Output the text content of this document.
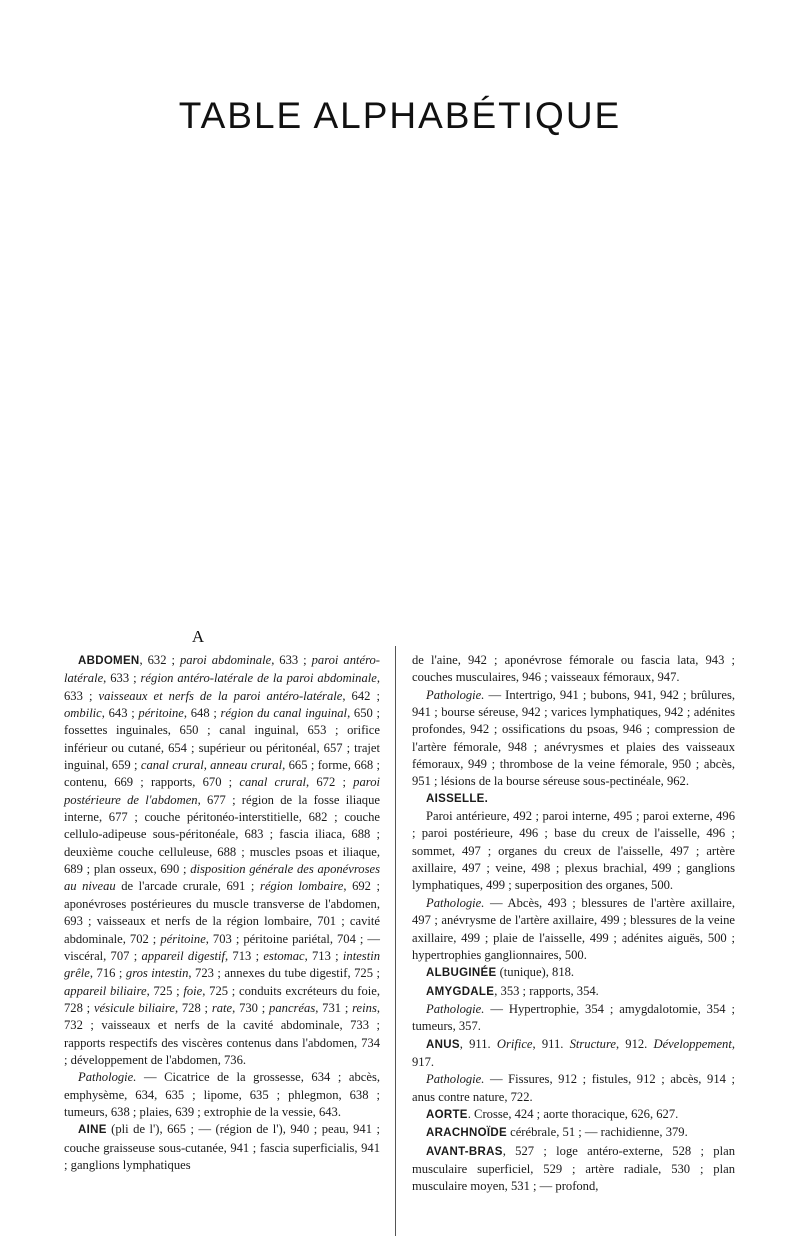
TABLE ALPHABÉTIQUE
A
ABDOMEN, 632 ; paroi abdominale, 633 ; paroi antéro-latérale, 633 ; région antéro-latérale de la paroi abdominale, 633 ; vaisseaux et nerfs de la paroi antéro-latérale, 642 ; ombilic, 643 ; péritoine, 648 ; région du canal inguinal, 650 ; fossettes inguinales, 650 ; canal inguinal, 653 ; orifice inférieur ou cutané, 654 ; supérieur ou péritonéal, 657 ; trajet inguinal, 659 ; canal crural, anneau crural, 665 ; forme, 668 ; contenu, 669 ; rapports, 670 ; canal crural, 672 ; paroi postérieure de l'abdomen, 677 ; région de la fosse iliaque interne, 677 ; couche péritonéo-interstitielle, 682 ; couche cellulo-adipeuse sous-péritonéale, 683 ; fascia iliaca, 688 ; deuxième couche celluleuse, 688 ; muscles psoas et iliaque, 689 ; plan osseux, 690 ; disposition générale des aponévroses au niveau de l'arcade crurale, 691 ; région lombaire, 692 ; aponévroses postérieures du muscle transverse de l'abdomen, 693 ; vaisseaux et nerfs de la région lombaire, 701 ; cavité abdominale, 702 ; péritoine, 703 ; péritoine pariétal, 704 ; — viscéral, 707 ; appareil digestif, 713 ; estomac, 713 ; intestin grêle, 716 ; gros intestin, 723 ; annexes du tube digestif, 725 ; appareil biliaire, 725 ; foie, 725 ; conduits excréteurs du foie, 728 ; vésicule biliaire, 728 ; rate, 730 ; pancréas, 731 ; reins, 732 ; vaisseaux et nerfs de la cavité abdominale, 733 ; rapports respectifs des viscères contenus dans l'abdomen, 734 ; développement de l'abdomen, 736.
Pathologie. — Cicatrice de la grossesse, 634 ; abcès, emphysème, 634, 635 ; lipome, 635 ; phlegmon, 638 ; tumeurs, 638 ; plaies, 639 ; extrophie de la vessie, 643.
AINE (pli de l'), 665 ; — (région de l'), 940 ; peau, 941 ; couche graisseuse sous-cutanée, 941 ; fascia superficialis, 941 ; ganglions lymphatiques
de l'aine, 942 ; aponévrose fémorale ou fascia lata, 943 ; couches musculaires, 946 ; vaisseaux fémoraux, 947.
Pathologie. — Intertrigo, 941 ; bubons, 941, 942 ; brûlures, 941 ; bourse séreuse, 942 ; varices lymphatiques, 942 ; adénites profondes, 942 ; ossifications du psoas, 946 ; compression de l'artère fémorale, 948 ; anévrysmes et plaies des vaisseaux fémoraux, 949 ; thrombose de la veine fémorale, 950 ; abcès, 951 ; lésions de la bourse séreuse sous-pectinéale, 962.
AISSELLE.
Paroi antérieure, 492 ; paroi interne, 495 ; paroi externe, 496 ; paroi postérieure, 496 ; base du creux de l'aisselle, 496 ; sommet, 497 ; organes du creux de l'aisselle, 497 ; artère axillaire, 497 ; veine, 498 ; plexus brachial, 499 ; ganglions lymphatiques, 499 ; superposition des organes, 500.
Pathologie. — Abcès, 493 ; blessures de l'artère axillaire, 497 ; anévrysme de l'artère axillaire, 499 ; blessures de la veine axillaire, 499 ; plaie de l'aisselle, 499 ; adénites aiguës, 500 ; hypertrophies ganglionnaires, 500.
ALBUGINÉE (tunique), 818.
AMYGDALE, 353 ; rapports, 354.
Pathologie. — Hypertrophie, 354 ; amygdalotomie, 354 ; tumeurs, 357.
ANUS, 911. Orifice, 911. Structure, 912. Développement, 917.
Pathologie. — Fissures, 912 ; fistules, 912 ; abcès, 914 ; anus contre nature, 722.
AORTE. Crosse, 424 ; aorte thoracique, 626, 627.
ARACHNOÏDE cérébrale, 51 ; — rachidienne, 379.
AVANT-BRAS, 527 ; loge antéro-externe, 528 ; plan musculaire superficiel, 529 ; artère radiale, 530 ; plan musculaire moyen, 531 ; — profond,
